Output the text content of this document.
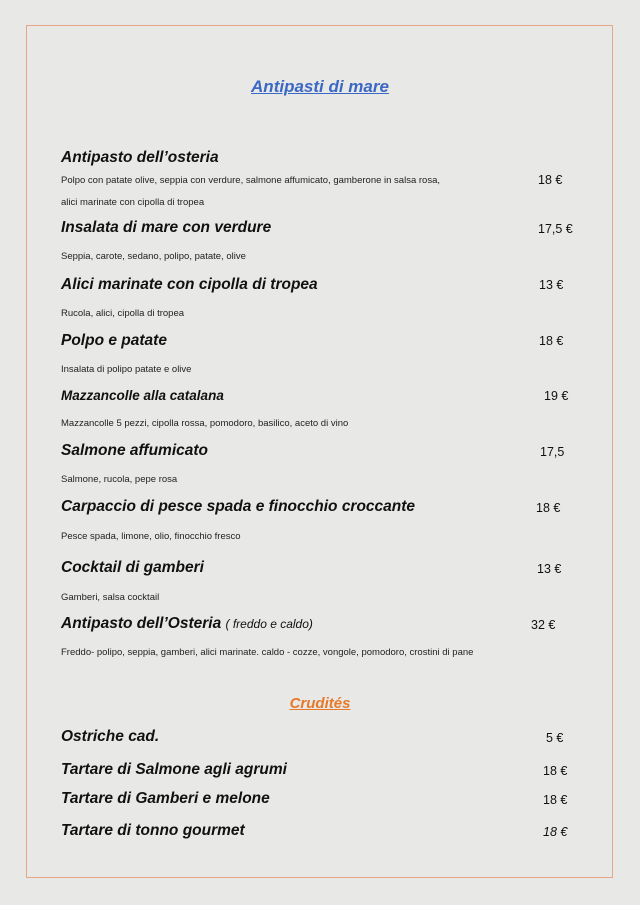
Antipasti di mare
Antipasto dell’osteria
Polpo con patate olive, seppia con verdure, salmone affumicato, gamberone in salsa rosa,
alici marinate con cipolla di tropea
18 €
Insalata di mare con verdure	17,5 €
Seppia, carote, sedano, polipo, patate, olive
Alici marinate con cipolla di tropea	13 €
Rucola, alici, cipolla di tropea
Polpo e patate	18 €
Insalata di polipo patate e olive
Mazzancolle alla catalana	19 €
Mazzancolle 5 pezzi, cipolla rossa, pomodoro, basilico, aceto di vino
Salmone affumicato	17,5
Salmone, rucola, pepe rosa
Carpaccio di pesce spada e finocchio croccante	18 €
Pesce spada, limone, olio, finocchio fresco
Cocktail di gamberi	13 €
Gamberi, salsa cocktail
Antipasto dell’Osteria ( freddo e caldo)	32 €
Freddo- polipo, seppia, gamberi, alici marinate. caldo - cozze, vongole, pomodoro, crostini di pane
Crudités
Ostriche cad.	5 €
Tartare di Salmone agli agrumi	18 €
Tartare di Gamberi e melone	18 €
Tartare di tonno gourmet	18 €
